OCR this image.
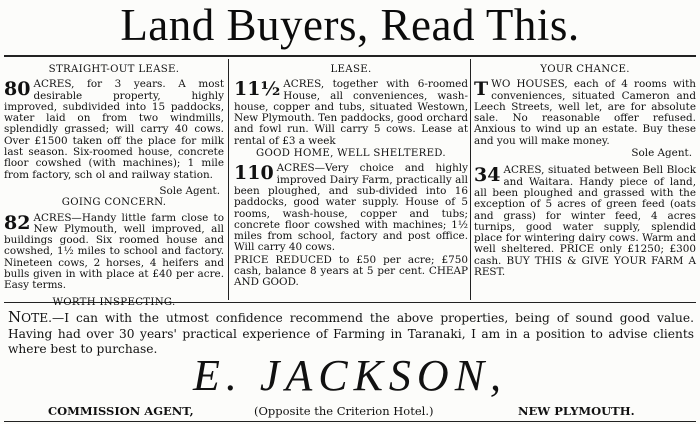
Land Buyers, Read This.

STRAIGHT-OUT LEASE.

80 ACRES, for 3 years. A most desirable property, highly improved, subdivided into 15 paddocks, water laid on from two windmills, splendidly grassed; will carry 40 cows. Over £1500 taken off the place for milk last season. Six-roomed house, concrete floor cowshed (with machines); 1 mile from factory, sch ol and railway station.

Sole Agent.

GOING CONCERN.

82 ACRES—Handy little farm close to New Plymouth, well improved, all buildings good. Six roomed house and cowshed, 1½ miles to school and factory. Nineteen cows, 2 horses, 4 heifers and bulls given in with place at £40 per acre. Easy terms.

WORTH INSPECTING.

LEASE.

11½ ACRES, together with 6-roomed House, all conveniences, wash-house, copper and tubs, situated Westown, New Plymouth. Ten paddocks, good orchard and fowl run. Will carry 5 cows. Lease at rental of £3 a week

GOOD HOME, WELL SHELTERED.

110 ACRES—Very choice and highly improved Dairy Farm, practically all been ploughed, and sub-divided into 16 paddocks, good water supply. House of 5 rooms, wash-house, copper and tubs; concrete floor cowshed with machines; 1½ miles from school, factory and post office. Will carry 40 cows.

PRICE REDUCED to £50 per acre; £750 cash, balance 8 years at 5 per cent. CHEAP AND GOOD.

YOUR CHANCE.

T WO HOUSES, each of 4 rooms with conveniences, situated Cameron and Leech Streets, well let, are for absolute sale. No reasonable offer refused. Anxious to wind up an estate. Buy these and you will make money.

Sole Agent.

34 ACRES, situated between Bell Block and Waitara. Handy piece of land, all been ploughed and grassed with the exception of 5 acres of green feed (oats and grass) for winter feed, 4 acres turnips, good water supply, splendid place for wintering dairy cows. Warm and well sheltered. PRICE only £1250; £300 cash. BUY THIS & GIVE YOUR FARM A REST.

NOTE.—I can with the utmost confidence recommend the above properties, being of sound good value. Having had over 30 years' practical experience of Farming in Taranaki, I am in a position to advise clients where best to purchase.

E. JACKSON,
COMMISSION AGENT,	(Opposite the Criterion Hotel.)	NEW PLYMOUTH.
